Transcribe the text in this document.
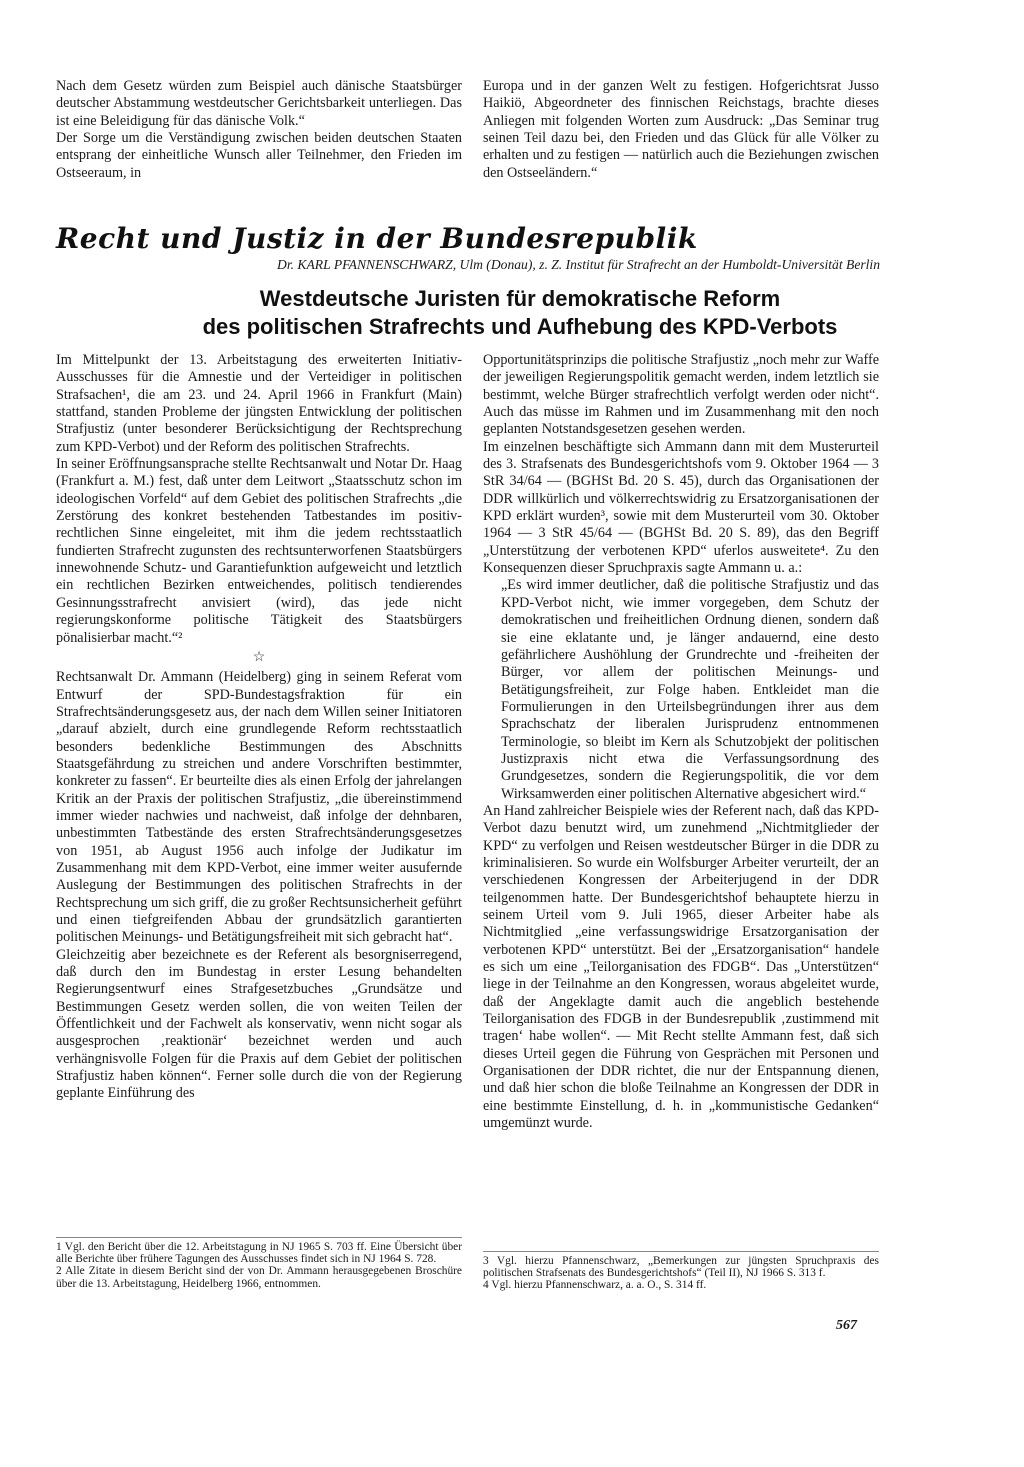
Nach dem Gesetz würden zum Beispiel auch dänische Staatsbürger deutscher Abstammung westdeutscher Gerichtsbarkeit unterliegen. Das ist eine Beleidigung für das dänische Volk.“

Der Sorge um die Verständigung zwischen beiden deutschen Staaten entsprang der einheitliche Wunsch aller Teilnehmer, den Frieden im Ostseeraum, in

Europa und in der ganzen Welt zu festigen. Hofgerichtsrat Jusso Haikiö, Abgeordneter des finnischen Reichstags, brachte dieses Anliegen mit folgenden Worten zum Ausdruck: „Das Seminar trug seinen Teil dazu bei, den Frieden und das Glück für alle Völker zu erhalten und zu festigen — natürlich auch die Beziehungen zwischen den Ostseeländern.“

Recht und Justiz in der Bundesrepublik
Dr. KARL PFANNENSCHWARZ, Ulm (Donau), z. Z. Institut für Strafrecht an der Humboldt-Universität Berlin
Westdeutsche Juristen für demokratische Reform
des politischen Strafrechts und Aufhebung des KPD-Verbots

Im Mittelpunkt der 13. Arbeitstagung des erweiterten Initiativ-Ausschusses für die Amnestie und der Verteidiger in politischen Strafsachen¹, die am 23. und 24. April 1966 in Frankfurt (Main) stattfand, standen Probleme der jüngsten Entwicklung der politischen Strafjustiz (unter besonderer Berücksichtigung der Rechtsprechung zum KPD-Verbot) und der Reform des politischen Strafrechts.

In seiner Eröffnungsansprache stellte Rechtsanwalt und Notar Dr. Haag (Frankfurt a. M.) fest, daß unter dem Leitwort „Staatsschutz schon im ideologischen Vorfeld“ auf dem Gebiet des politischen Strafrechts „die Zerstörung des konkret bestehenden Tatbestandes im positiv-rechtlichen Sinne eingeleitet, mit ihm die jedem rechtsstaatlich fundierten Strafrecht zugunsten des rechtsunterworfenen Staatsbürgers innewohnende Schutz- und Garantiefunktion aufgeweicht und letztlich ein rechtlichen Bezirken entweichendes, politisch tendierendes Gesinnungsstrafrecht anvisiert (wird), das jede nicht regierungskonforme politische Tätigkeit des Staatsbürgers pönalisierbar macht.“²

☆

Rechtsanwalt Dr. Ammann (Heidelberg) ging in seinem Referat vom Entwurf der SPD-Bundestagsfraktion für ein Strafrechtsänderungsgesetz aus, der nach dem Willen seiner Initiatoren „darauf abzielt, durch eine grundlegende Reform rechtsstaatlich besonders bedenkliche Bestimmungen des Abschnitts Staatsgefährdung zu streichen und andere Vorschriften bestimmter, konkreter zu fassen“. Er beurteilte dies als einen Erfolg der jahrelangen Kritik an der Praxis der politischen Strafjustiz, „die übereinstimmend immer wieder nachwies und nachweist, daß infolge der dehnbaren, unbestimmten Tatbestände des ersten Strafrechtsänderungsgesetzes von 1951, ab August 1956 auch infolge der Judikatur im Zusammenhang mit dem KPD-Verbot, eine immer weiter ausufernde Auslegung der Bestimmungen des politischen Strafrechts in der Rechtsprechung um sich griff, die zu großer Rechtsunsicherheit geführt und einen tiefgreifenden Abbau der grundsätzlich garantierten politischen Meinungs- und Betätigungsfreiheit mit sich gebracht hat“.

Gleichzeitig aber bezeichnete es der Referent als besorgniserregend, daß durch den im Bundestag in erster Lesung behandelten Regierungsentwurf eines Strafgesetzbuches „Grundsätze und Bestimmungen Gesetz werden sollen, die von weiten Teilen der Öffentlichkeit und der Fachwelt als konservativ, wenn nicht sogar als ausgesprochen ‚reaktionär‘ bezeichnet werden und auch verhängnisvolle Folgen für die Praxis auf dem Gebiet der politischen Strafjustiz haben können“. Ferner solle durch die von der Regierung geplante Einführung des

Opportunitätsprinzips die politische Strafjustiz „noch mehr zur Waffe der jeweiligen Regierungspolitik gemacht werden, indem letztlich sie bestimmt, welche Bürger strafrechtlich verfolgt werden oder nicht“. Auch das müsse im Rahmen und im Zusammenhang mit den noch geplanten Notstandsgesetzen gesehen werden.

Im einzelnen beschäftigte sich Ammann dann mit dem Musterurteil des 3. Strafsenats des Bundesgerichtshofs vom 9. Oktober 1964 — 3 StR 34/64 — (BGHSt Bd. 20 S. 45), durch das Organisationen der DDR willkürlich und völkerrechtswidrig zu Ersatzorganisationen der KPD erklärt wurden³, sowie mit dem Musterurteil vom 30. Oktober 1964 — 3 StR 45/64 — (BGHSt Bd. 20 S. 89), das den Begriff „Unterstützung der verbotenen KPD“ uferlos ausweitete⁴. Zu den Konsequenzen dieser Spruchpraxis sagte Ammann u. a.:

„Es wird immer deutlicher, daß die politische Strafjustiz und das KPD-Verbot nicht, wie immer vorgegeben, dem Schutz der demokratischen und freiheitlichen Ordnung dienen, sondern daß sie eine eklatante und, je länger andauernd, eine desto gefährlichere Aushöhlung der Grundrechte und -freiheiten der Bürger, vor allem der politischen Meinungs- und Betätigungsfreiheit, zur Folge haben. Entkleidet man die Formulierungen in den Urteilsbegründungen ihrer aus dem Sprachschatz der liberalen Jurisprudenz entnommenen Terminologie, so bleibt im Kern als Schutzobjekt der politischen Justizpraxis nicht etwa die Verfassungsordnung des Grundgesetzes, sondern die Regierungspolitik, die vor dem Wirksamwerden einer politischen Alternative abgesichert wird.“

An Hand zahlreicher Beispiele wies der Referent nach, daß das KPD-Verbot dazu benutzt wird, um zunehmend „Nichtmitglieder der KPD“ zu verfolgen und Reisen westdeutscher Bürger in die DDR zu kriminalisieren. So wurde ein Wolfsburger Arbeiter verurteilt, der an verschiedenen Kongressen der Arbeiterjugend in der DDR teilgenommen hatte. Der Bundesgerichtshof behauptete hierzu in seinem Urteil vom 9. Juli 1965, dieser Arbeiter habe als Nichtmitglied „eine verfassungswidrige Ersatzorganisation der verbotenen KPD“ unterstützt. Bei der „Ersatzorganisation“ handele es sich um eine „Teilorganisation des FDGB“. Das „Unterstützen“ liege in der Teilnahme an den Kongressen, woraus abgeleitet wurde, daß der Angeklagte damit auch die angeblich bestehende Teilorganisation des FDGB in der Bundesrepublik ‚zustimmend mit tragen‘ habe wollen“. — Mit Recht stellte Ammann fest, daß sich dieses Urteil gegen die Führung von Gesprächen mit Personen und Organisationen der DDR richtet, die nur der Entspannung dienen, und daß hier schon die bloße Teilnahme an Kongressen der DDR in eine bestimmte Einstellung, d. h. in „kommunistische Gedanken“ umgemünzt wurde.

1 Vgl. den Bericht über die 12. Arbeitstagung in NJ 1965 S. 703 ff. Eine Übersicht über alle Berichte über frühere Tagungen des Ausschusses findet sich in NJ 1964 S. 728.

2 Alle Zitate in diesem Bericht sind der von Dr. Ammann herausgegebenen Broschüre über die 13. Arbeitstagung, Heidelberg 1966, entnommen.

3 Vgl. hierzu Pfannenschwarz, „Bemerkungen zur jüngsten Spruchpraxis des politischen Strafsenats des Bundesgerichtshofs“ (Teil II), NJ 1966 S. 313 f.

4 Vgl. hierzu Pfannenschwarz, a. a. O., S. 314 ff.

567
